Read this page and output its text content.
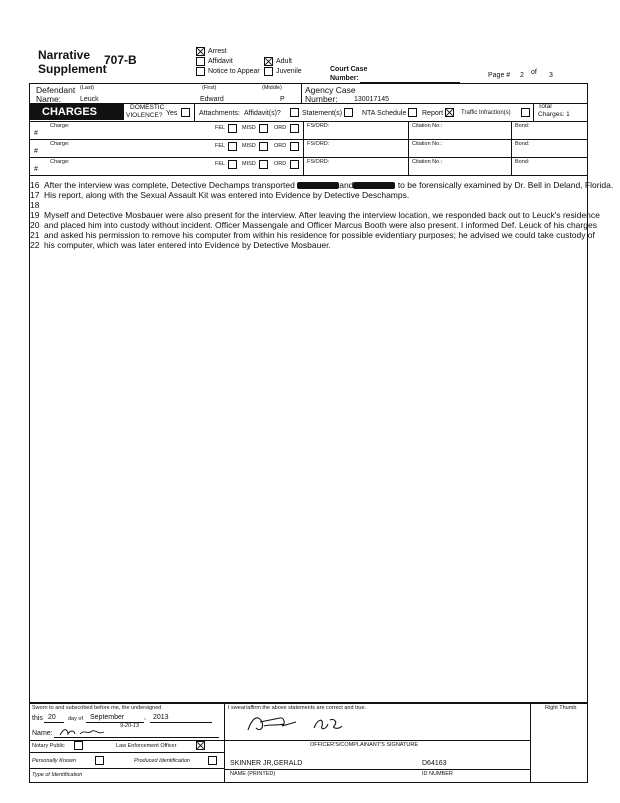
Narrative
Supplement
707-B
Arrest
Affidavit
Notice to Appear
Adult
Juvenile	Court Case
Number:	Page # 2 of 3
Defendant (Last)	(First)	(Middle)
Name:	Leuck	Edward	P
Agency Case
Number: 130017145
CHARGES	DOMESTIC
VIOLENCE? Yes	Attachments: Affidavit(s)?	Statement(s)	NTA Schedule Report	Traffic Infraction(s)
Total
Charges: 1
Charge:
#
FEL	MISD	ORD	FS/ORD:	Citation No.:	Bond:
Charge:
#
FEL	MISD	ORD	FS/ORD:	Citation No.:	Bond:
Charge:
#
FEL	MISD	ORD	FS/ORD:	Citation No.:	Bond:
16 After the interview was complete, Detective Dechamps transported	and	to be forensically examined by Dr. Bell in Deland, Florida.
17 His report, along with the Sexual Assault Kit was entered into Evidence by Detective Deschamps.
18
19 Myself and Detective Mosbauer were also present for the interview. After leaving the interview location, we responded back out to Leuck's residence
20 and placed him into custody without incident. Officer Massengale and Officer Marcus Booth were also present. I informed Def. Leuck of his charges
21 and asked his permission to remove his computer from within his residence for possible evidentiary purposes; he advised we could take custody of
22 his computer, which was later entered into Evidence by Detective Mosbauer.
Sworn to and subscribed before me, the undersigned
this 20 day of September	, 2013
9-20-13
Name:
Notary Public	Law Enforcement Officer
Personally Known	Produced Identification
Type of Identification
I swear/affirm the above statements are correct and true.
OFFICER'S/COMPLAINANT'S SIGNATURE
SKINNER JR,GERALD	D64163
NAME (PRINTED)	ID NUMBER
Right Thumb
